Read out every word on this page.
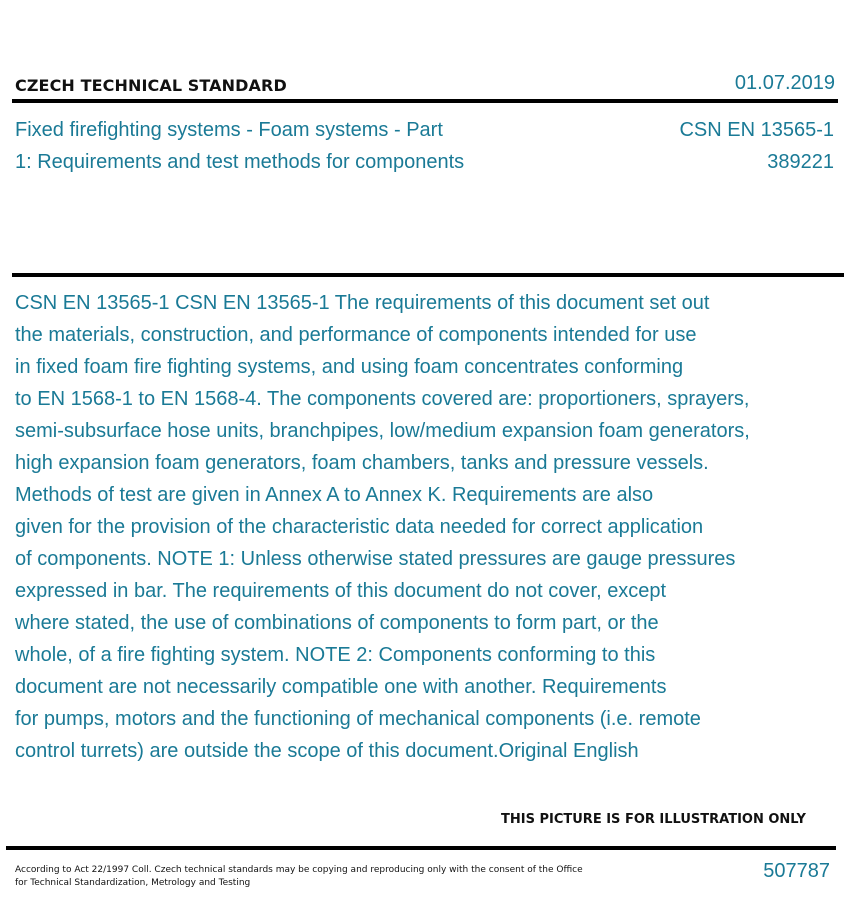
CZECH TECHNICAL STANDARD	01.07.2019
Fixed firefighting systems - Foam systems - Part
1: Requirements and test methods for components
CSN EN 13565-1
389221
CSN EN 13565-1 CSN EN 13565-1 The requirements of this document set out
the materials, construction, and performance of components intended for use
in fixed foam fire fighting systems, and using foam concentrates conforming
to EN 1568-1 to EN 1568-4. The components covered are: proportioners, sprayers,
semi-subsurface hose units, branchpipes, low/medium expansion foam generators,
high expansion foam generators, foam chambers, tanks and pressure vessels.
Methods of test are given in Annex A to Annex K. Requirements are also
given for the provision of the characteristic data needed for correct application
of components. NOTE 1: Unless otherwise stated pressures are gauge pressures
expressed in bar. The requirements of this document do not cover, except
where stated, the use of combinations of components to form part, or the
whole, of a fire fighting system. NOTE 2: Components conforming to this
document are not necessarily compatible one with another. Requirements
for pumps, motors and the functioning of mechanical components (i.e. remote
control turrets) are outside the scope of this document.Original English
THIS PICTURE IS FOR ILLUSTRATION ONLY
According to Act 22/1997 Coll. Czech technical standards may be copying and reproducing only with the consent of the Office
for Technical Standardization, Metrology and Testing
507787
